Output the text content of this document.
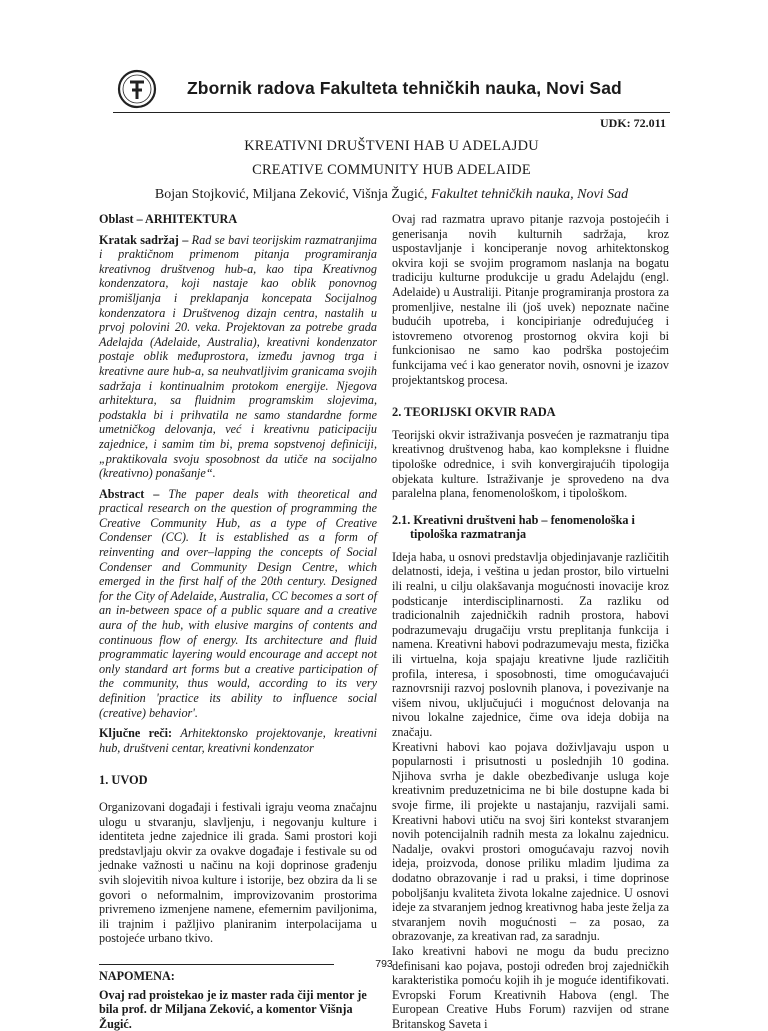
Zbornik radova Fakulteta tehničkih nauka, Novi Sad
UDK: 72.011
KREATIVNI DRUŠTVENI HAB U ADELAJDU
CREATIVE COMMUNITY HUB ADELAIDE
Bojan Stojković, Miljana Zeković, Višnja Žugić, Fakultet tehničkih nauka, Novi Sad

Oblast – ARHITEKTURA

Kratak sadržaj – Rad se bavi teorijskim razmatranjima i praktičnom primenom pitanja programiranja kreativnog društvenog hub-a, kao tipa Kreativnog kondenzatora, koji nastaje kao oblik ponovnog promišljanja i preklapanja koncepata Socijalnog kondenzatora i Društvenog dizajn centra, nastalih u prvoj polovini 20. veka. Projektovan za potrebe grada Adelajda (Adelaide, Australia), kreativni kondenzator postaje oblik međuprostora, između javnog trga i kreativne aure hub-a, sa neuhvatljivim granicama svojih sadržaja i kontinualnim protokom energije. Njegova arhitektura, sa fluidnim programskim slojevima, podstakla bi i prihvatila ne samo standardne forme umetničkog delovanja, već i kreativnu paticipaciju zajednice, i samim tim bi, prema sopstvenoj definiciji, „praktikovala svoju sposobnost da utiče na socijalno (kreativno) ponašanje“.

Abstract – The paper deals with theoretical and practical research on the question of programming the Creative Community Hub, as a type of Creative Condenser (CC). It is established as a form of reinventing and over–lapping the concepts of Social Condenser and Community Design Centre, which emerged in the first half of the 20th century. Designed for the City of Adelaide, Australia, CC becomes a sort of an in-between space of a public square and a creative aura of the hub, with elusive margins of contents and continuous flow of energy. Its architecture and fluid programmatic layering would encourage and accept not only standard art forms but a creative participation of the community, thus would, according to its very definition 'practice its ability to influence social (creative) behavior'.

Ključne reči: Arhitektonsko projektovanje, kreativni hub, društveni centar, kreativni kondenzator

1. UVOD

Organizovani događaji i festivali igraju veoma značajnu ulogu u stvaranju, slavljenju, i negovanju kulture i identiteta jedne zajednice ili grada. Sami prostori koji predstavljaju okvir za ovakve događaje i festivale su od jednake važnosti u načinu na koji doprinose građenju svih slojevitih nivoa kulture i istorije, bez obzira da li se govori o neformalnim, improvizovanim prostorima privremeno izmenjene namene, efemernim paviljonima, ili trajnim i pažljivo planiranim interpolacijama u postojeće urbano tkivo.

NAPOMENA:

Ovaj rad proistekao je iz master rada čiji mentor je bila prof. dr Miljana Zeković, a komentor Višnja Žugić.

Ovaj rad razmatra upravo pitanje razvoja postojećih i generisanja novih kulturnih sadržaja, kroz uspostavljanje i konciperanje novog arhitektonskog okvira koji se svojim programom naslanja na bogatu tradiciju kulturne produkcije u gradu Adelajdu (engl. Adelaide) u Australiji. Pitanje programiranja prostora za promenljive, nestalne ili (još uvek) nepoznate načine budućih upotreba, i koncipirianje određujućeg i istovremeno otvorenog prostornog okvira koji bi funkcionisao ne samo kao podrška postojećim funkcijama već i kao generator novih, osnovni je izazov projektantskog procesa.

2. TEORIJSKI OKVIR RADA

Teorijski okvir istraživanja posvećen je razmatranju tipa kreativnog društvenog haba, kao kompleksne i fluidne tipološke odrednice, i svih konvergirajućih tipologija objekata kulture. Istraživanje je sprovedeno na dva paralelna plana, fenomenološkom, i tipološkom.

2.1. Kreativni društveni hab – fenomenološka i
tipološka razmatranja

Ideja haba, u osnovi predstavlja objedinjavanje različitih delatnosti, ideja, i veština u jedan prostor, bilo virtuelni ili realni, u cilju olakšavanja mogućnosti inovacije kroz podsticanje interdisciplinarnosti. Za razliku od tradicionalnih zajedničkih radnih prostora, habovi podrazumevaju drugačiju vrstu preplitanja funkcija i namena. Kreativni habovi podrazumevaju mesta, fizička ili virtuelna, koja spajaju kreativne ljude različitih profila, interesa, i sposobnosti, time omogućavajući raznovrsniji razvoj poslovnih planova, i povezivanje na višem nivou, uključujući i mogućnost delovanja na nivou lokalne zajednice, čime ova ideja dobija na značaju.

Kreativni habovi kao pojava doživljavaju uspon u popularnosti i prisutnosti u poslednjih 10 godina. Njihova svrha je dakle obezbeđivanje usluga koje kreativnim preduzetnicima ne bi bile dostupne kada bi svoje firme, ili projekte u nastajanju, razvijali sami. Kreativni habovi utiču na svoj širi kontekst stvaranjem novih potencijalnih radnih mesta za lokalnu zajednicu. Nadalje, ovakvi prostori omogućavaju razvoj novih ideja, proizvoda, donose priliku mladim ljudima za dodatno obrazovanje i rad u praksi, i time doprinose poboljšanju kvaliteta života lokalne zajednice. U osnovi ideje za stvaranjem jednog kreativnog haba jeste želja za stvaranjem novih mogućnosti – za posao, za obrazovanje, za kreativan rad, za saradnju.

Iako kreativni habovi ne mogu da budu precizno definisani kao pojava, postoji određen broj zajedničkih karakteristika pomoću kojih ih je moguće identifikovati. Evropski Forum Kreativnih Habova (engl. The European Creative Hubs Forum) razvijen od strane Britanskog Saveta i

793
